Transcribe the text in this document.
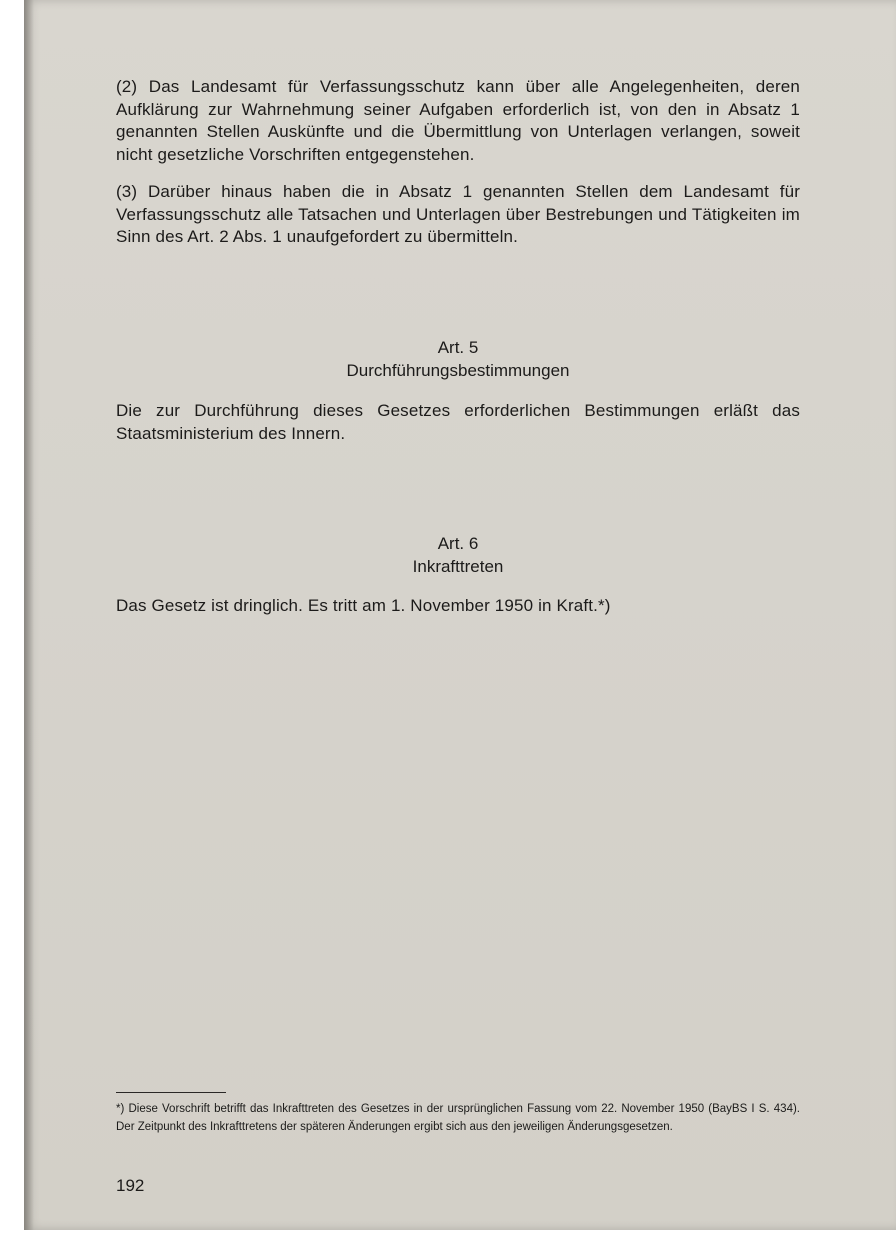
(2) Das Landesamt für Verfassungsschutz kann über alle Angelegenheiten, deren Aufklärung zur Wahrnehmung seiner Aufgaben erforderlich ist, von den in Absatz 1 genannten Stellen Auskünfte und die Übermittlung von Unterlagen verlangen, soweit nicht gesetzliche Vorschriften entgegenstehen.
(3) Darüber hinaus haben die in Absatz 1 genannten Stellen dem Landesamt für Verfassungsschutz alle Tatsachen und Unterlagen über Bestrebungen und Tätigkeiten im Sinn des Art. 2 Abs. 1 unaufgefordert zu übermitteln.
Art. 5
Durchführungsbestimmungen
Die zur Durchführung dieses Gesetzes erforderlichen Bestimmungen erläßt das Staatsministerium des Innern.
Art. 6
Inkrafttreten
Das Gesetz ist dringlich. Es tritt am 1. November 1950 in Kraft.*)
*) Diese Vorschrift betrifft das Inkrafttreten des Gesetzes in der ursprünglichen Fassung vom 22. November 1950 (BayBS I S. 434). Der Zeitpunkt des Inkrafttretens der späteren Änderungen ergibt sich aus den jeweiligen Änderungsgesetzen.
192
